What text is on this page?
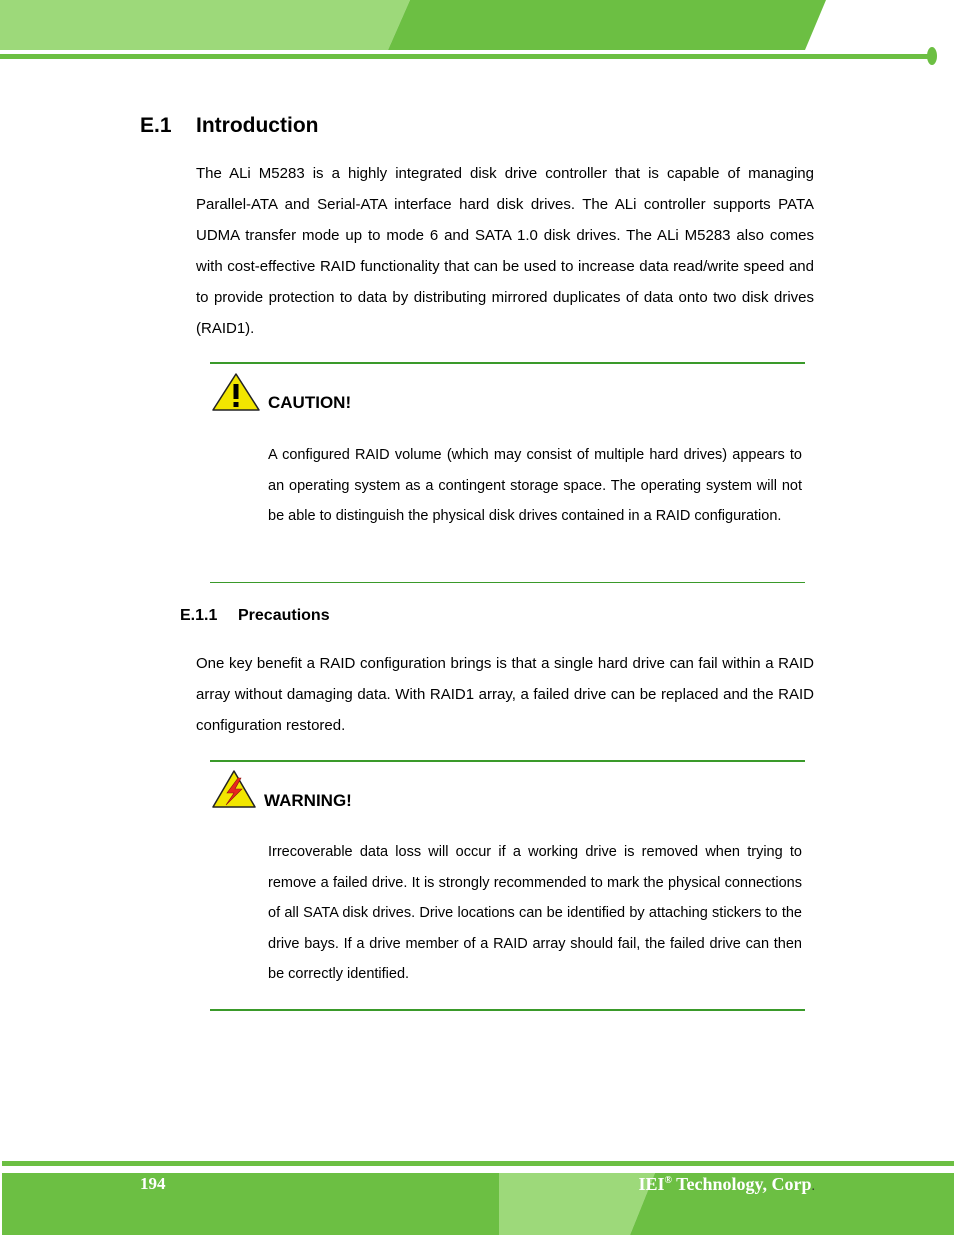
E.1 Introduction
The ALi M5283 is a highly integrated disk drive controller that is capable of managing Parallel-ATA and Serial-ATA interface hard disk drives. The ALi controller supports PATA UDMA transfer mode up to mode 6 and SATA 1.0 disk drives. The ALi M5283 also comes with cost-effective RAID functionality that can be used to increase data read/write speed and to provide protection to data by distributing mirrored duplicates of data onto two disk drives (RAID1).
CAUTION!
A configured RAID volume (which may consist of multiple hard drives) appears to an operating system as a contingent storage space. The operating system will not be able to distinguish the physical disk drives contained in a RAID configuration.
E.1.1 Precautions
One key benefit a RAID configuration brings is that a single hard drive can fail within a RAID array without damaging data. With RAID1 array, a failed drive can be replaced and the RAID configuration restored.
WARNING!
Irrecoverable data loss will occur if a working drive is removed when trying to remove a failed drive. It is strongly recommended to mark the physical connections of all SATA disk drives. Drive locations can be identified by attaching stickers to the drive bays. If a drive member of a RAID array should fail, the failed drive can then be correctly identified.
194	IEI® Technology, Corp.
